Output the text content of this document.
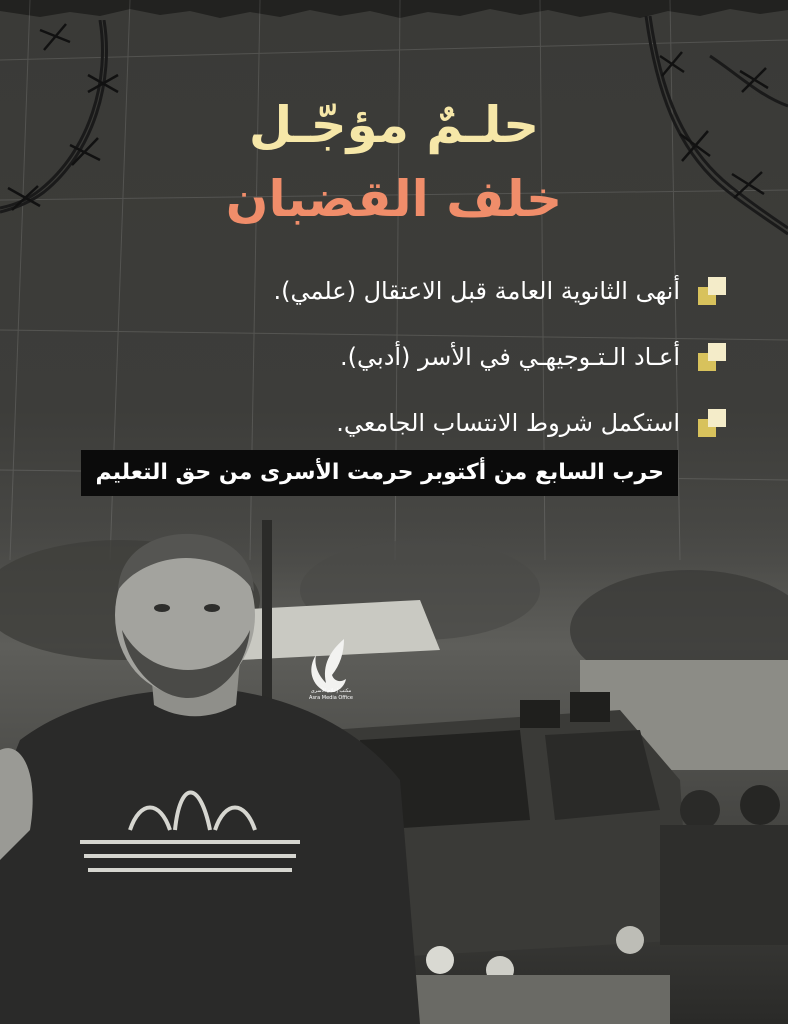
حلـمٌ مؤجّـل
خلف القضبان
أنهى الثانوية العامة قبل الاعتقال (علمي).
أعـاد الـتـوجيهـي في الأسر (أدبي).
استكمل شروط الانتساب الجامعي.
حرب السابع من أكتوبر حرمت الأسرى من حق التعليم
مكتب إعلام الأسرى
Asra Media Office
